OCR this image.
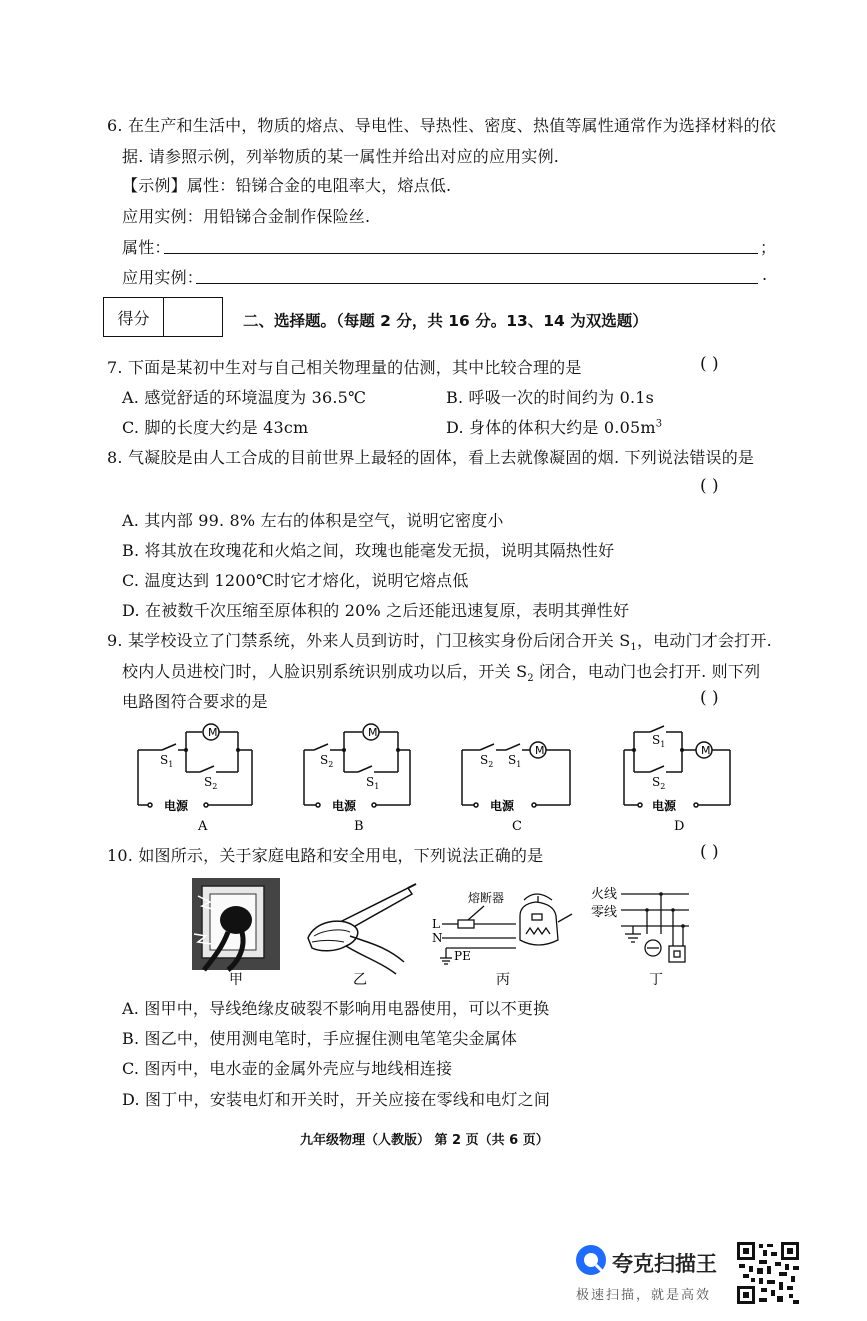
6. 在生产和生活中，物质的熔点、导电性、导热性、密度、热值等属性通常作为选择材料的依
据. 请参照示例，列举物质的某一属性并给出对应的应用实例.
【示例】属性：铅锑合金的电阻率大，熔点低.
应用实例：用铅锑合金制作保险丝.
属性：	；
应用实例：	.
得分	二、选择题。（每题 2 分，共 16 分。13、14 为双选题）
7. 下面是某初中生对与自己相关物理量的估测，其中比较合理的是	( )
A. 感觉舒适的环境温度为 36.5℃	B. 呼吸一次的时间约为 0.1s
C. 脚的长度大约是 43cm	D. 身体的体积大约是 $0.05m^3$
8. 气凝胶是由人工合成的目前世界上最轻的固体，看上去就像凝固的烟. 下列说法错误的是
( )
A. 其内部 99. 8% 左右的体积是空气，说明它密度小
B. 将其放在玫瑰花和火焰之间，玫瑰也能毫发无损，说明其隔热性好
C. 温度达到 1200℃时它才熔化，说明它熔点低
D. 在被数千次压缩至原体积的 20% 之后还能迅速复原，表明其弹性好
9. 某学校设立了门禁系统，外来人员到访时，门卫核实身份后闭合开关 $S_1$，电动门才会打开.
校内人员进校门时，人脸识别系统识别成功以后，开关 $S_2$ 闭合，电动门也会打开. 则下列
电路图符合要求的是	( )
M
$S_1$
$S_2$
电源
A
M
$S_2$
$S_1$
电源
B
M
$S_2$ $S_1$
电源
C
M
$S_1$
$S_2$
电源
D
10. 如图所示，关于家庭电路和安全用电，下列说法正确的是	( )
甲	乙
熔断器
L
N
PE
丙
火线
零线
丁
A. 图甲中，导线绝缘皮破裂不影响用电器使用，可以不更换
B. 图乙中，使用测电笔时，手应握住测电笔笔尖金属体
C. 图丙中，电水壶的金属外壳应与地线相连接
D. 图丁中，安装电灯和开关时，开关应接在零线和电灯之间
九年级物理（人教版） 第 2 页（共 6 页）
夸克扫描王
极速扫描，就是高效
